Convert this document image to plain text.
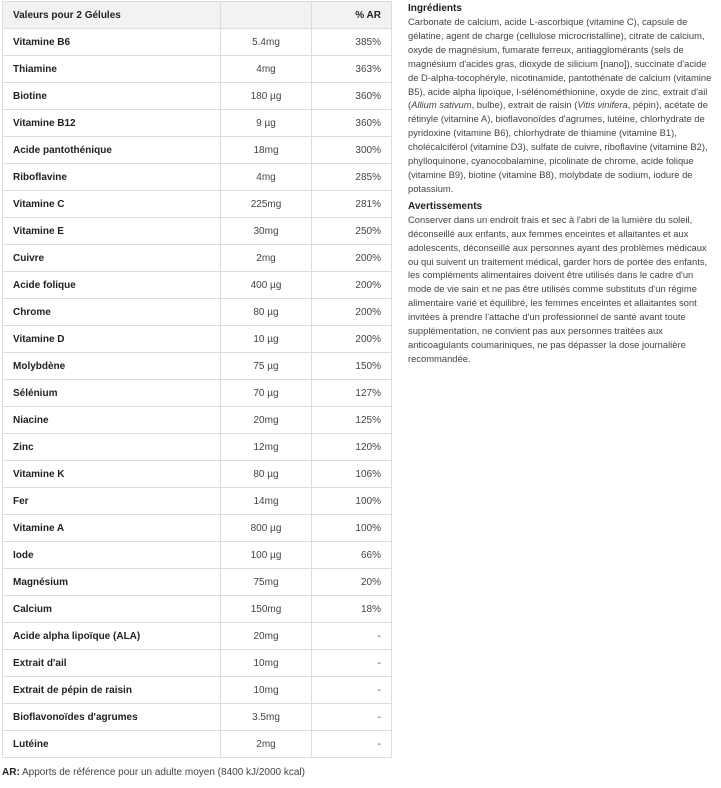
Valeurs pour 2 Gélules		% AR
Vitamine B6	5.4mg	385%
Thiamine	4mg	363%
Biotine	180 µg	360%
Vitamine B12	9 µg	360%
Acide pantothénique	18mg	300%
Riboflavine	4mg	285%
Vitamine C	225mg	281%
Vitamine E	30mg	250%
Cuivre	2mg	200%
Acide folique	400 µg	200%
Chrome	80 µg	200%
Vitamine D	10 µg	200%
Molybdène	75 µg	150%
Sélénium	70 µg	127%
Niacine	20mg	125%
Zinc	12mg	120%
Vitamine K	80 µg	106%
Fer	14mg	100%
Vitamine A	800 µg	100%
Iode	100 µg	66%
Magnésium	75mg	20%
Calcium	150mg	18%
Acide alpha lipoïque (ALA)	20mg	-
Extrait d'ail	10mg	-
Extrait de pépin de raisin	10mg	-
Bioflavonoïdes d'agrumes	3.5mg	-
Lutéine	2mg	-
AR: Apports de référence pour un adulte moyen (8400 kJ/2000 kcal)
Ingrédients

Carbonate de calcium, acide L-ascorbique (vitamine C), capsule de gélatine, agent de charge (cellulose microcristalline), citrate de calcium, oxyde de magnésium, fumarate ferreux, antiagglomérants (sels de magnésium d'acides gras, dioxyde de silicium [nano]), succinate d'acide de D-alpha-tocophéryle, nicotinamide, pantothénate de calcium (vitamine B5), acide alpha lipoïque, l-sélénométhionine, oxyde de zinc, extrait d'ail (Allium sativum, bulbe), extrait de raisin (Vitis vinifera, pépin), acétate de rétinyle (vitamine A), bioflavonoïdes d'agrumes, lutéine, chlorhydrate de pyridoxine (vitamine B6), chlorhydrate de thiamine (vitamine B1), cholécalciférol (vitamine D3), sulfate de cuivre, riboflavine (vitamine B2), phylloquinone, cyanocobalamine, picolinate de chrome, acide folique (vitamine B9), biotine (vitamine B8), molybdate de sodium, iodure de potassium.

Avertissements

Conserver dans un endroit frais et sec à l'abri de la lumière du soleil, déconseillé aux enfants, aux femmes enceintes et allaitantes et aux adolescents, déconseillé aux personnes ayant des problèmes médicaux ou qui suivent un traitement médical, garder hors de portée des enfants, les compléments alimentaires doivent être utilisés dans le cadre d'un mode de vie sain et ne pas être utilisés comme substituts d'un régime alimentaire varié et équilibré, les femmes enceintes et allaitantes sont invitées à prendre l'attache d'un professionnel de santé avant toute supplémentation, ne convient pas aux personnes traitées aux anticoagulants coumariniques, ne pas dépasser la dose journalière recommandée.
